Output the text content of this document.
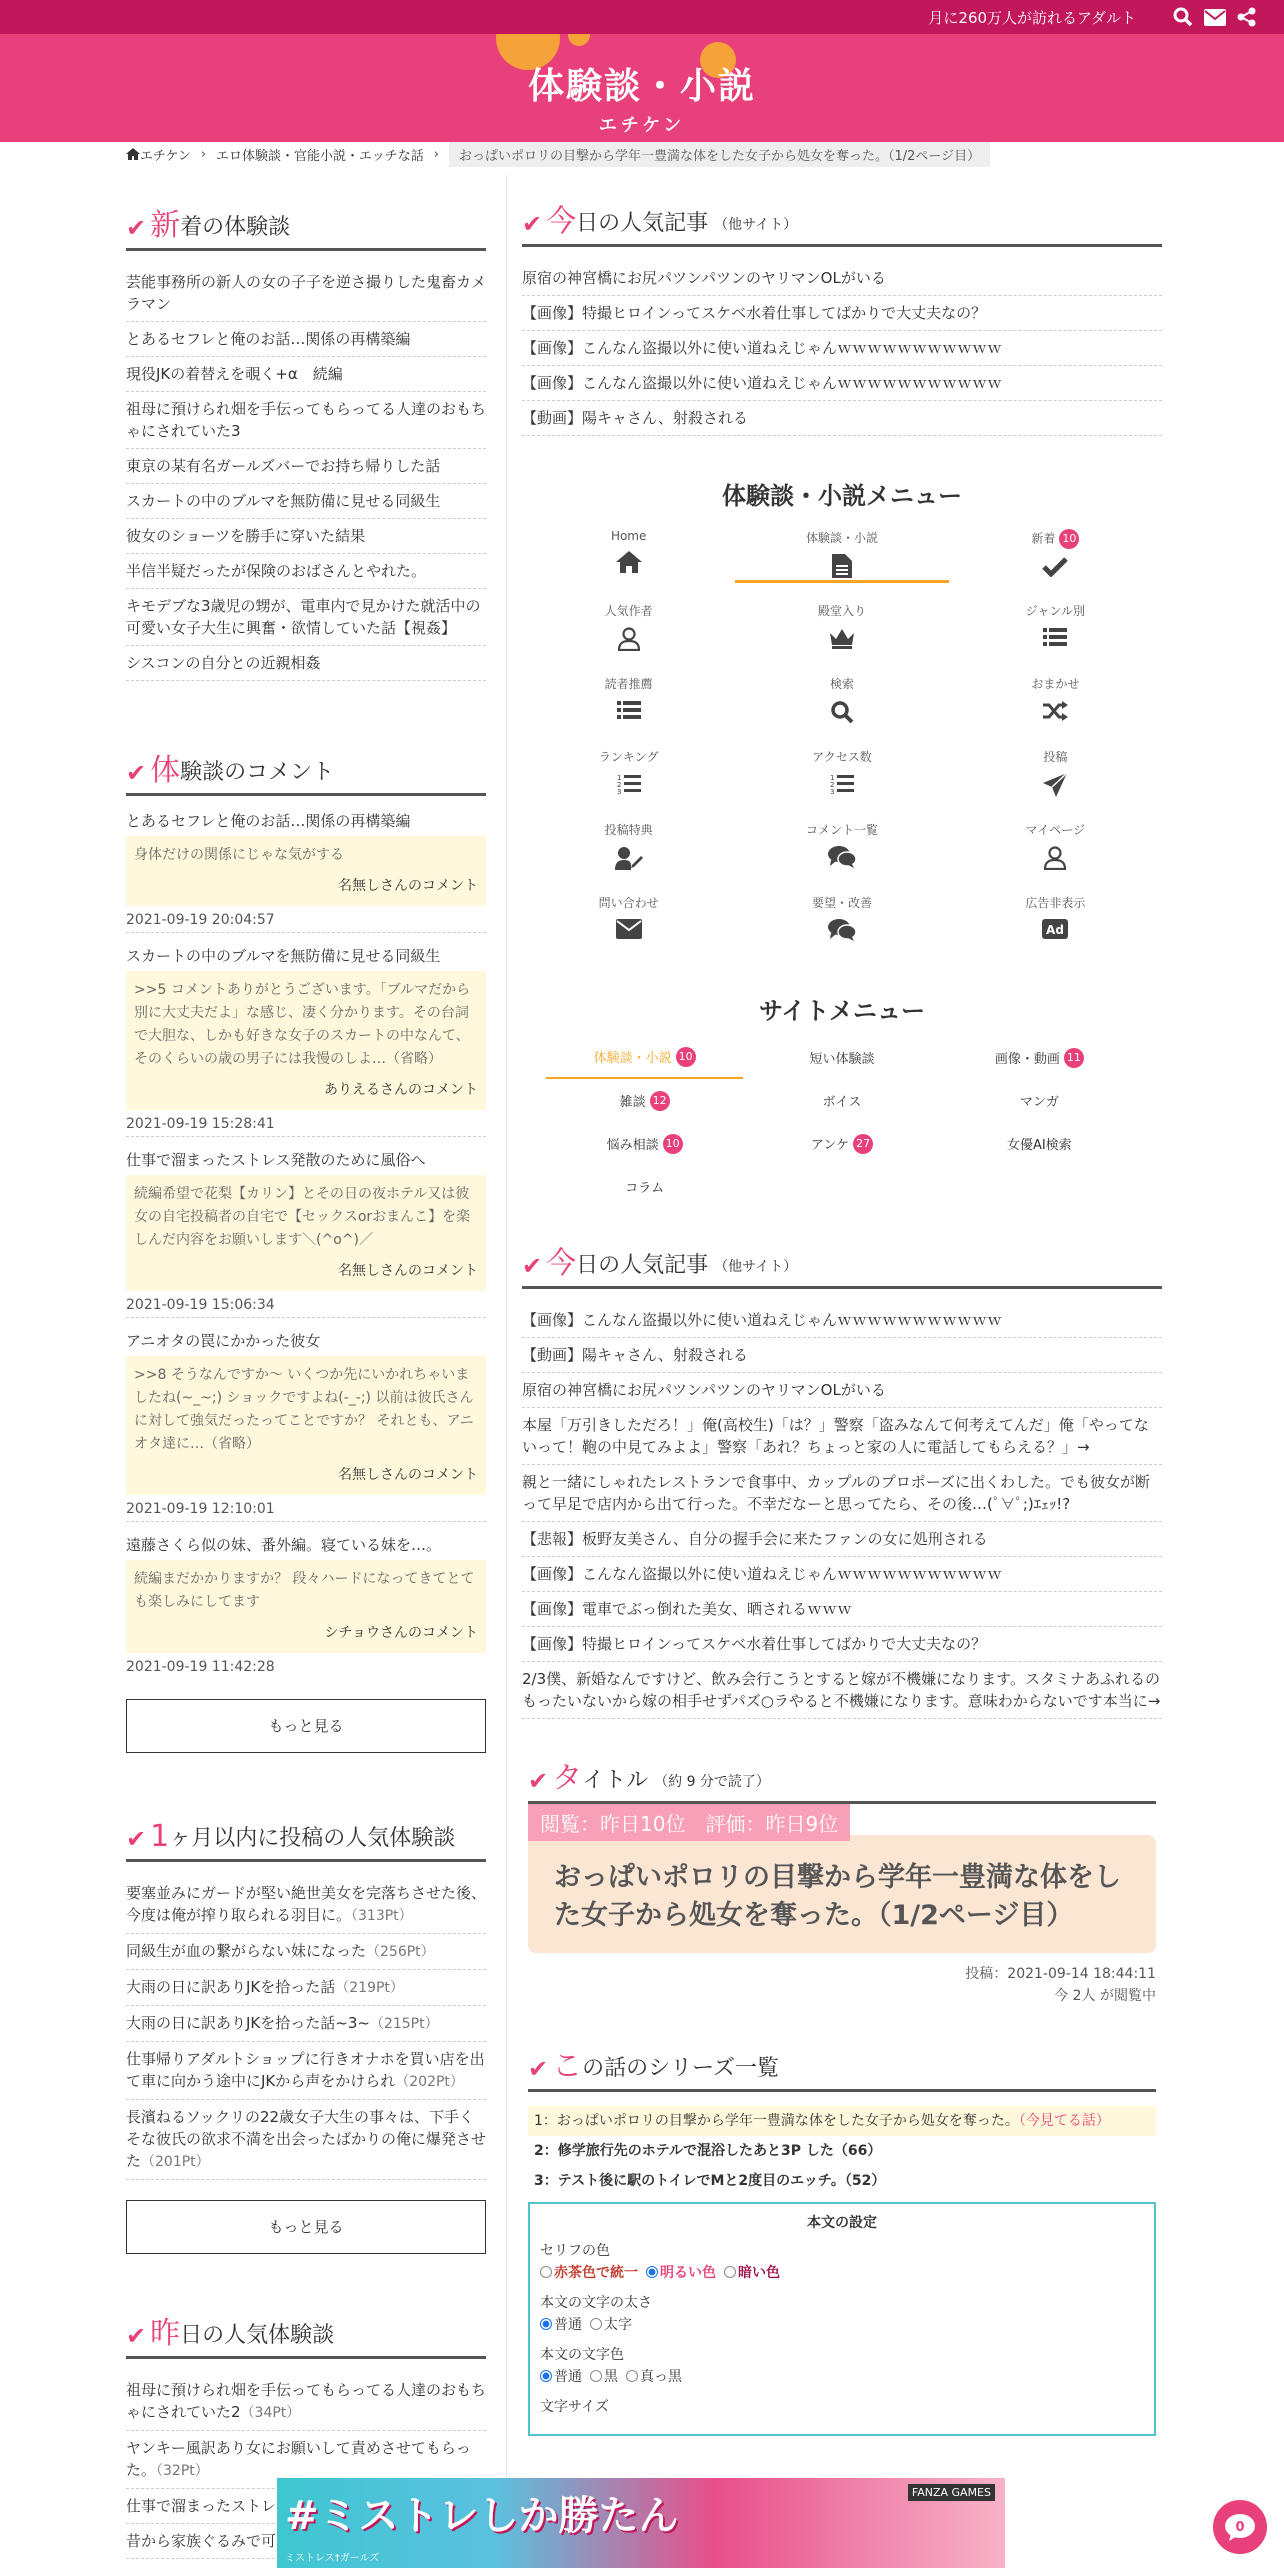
月に260万人が訪れるアダルト
体験談・小説
エチケン
エチケン › エロ体験談・官能小説・エッチな話 ›	おっぱいポロリの目撃から学年一豊満な体をした女子から処女を奪った。（1/2ページ目）
✔ 新 着の体験談
芸能事務所の新人の女の子子を逆さ撮りした鬼畜カメラマン
とあるセフレと俺のお話…関係の再構築編
現役JKの着替えを覗く+α　続編
祖母に預けられ畑を手伝ってもらってる人達のおもちゃにされていた3
東京の某有名ガールズバーでお持ち帰りした話
スカートの中のブルマを無防備に見せる同級生
彼女のショーツを勝手に穿いた結果
半信半疑だったが保険のおばさんとやれた。
キモデブな3歳児の甥が、電車内で見かけた就活中の可愛い女子大生に興奮・欲情していた話【視姦】
シスコンの自分との近親相姦
✔ 体 験談のコメント
とあるセフレと俺のお話…関係の再構築編
身体だけの関係にじゃな気がする
名無しさんのコメント
2021-09-19 20:04:57
スカートの中のブルマを無防備に見せる同級生
>>5 コメントありがとうございます。「ブルマだから別に大丈夫だよ」な感じ、凄く分かります。その台詞で大胆な、しかも好きな女子のスカートの中なんて、そのくらいの歳の男子には我慢のしよ…（省略）
ありえるさんのコメント
2021-09-19 15:28:41
仕事で溜まったストレス発散のために風俗へ
続編希望で花梨【カリン】とその日の夜ホテル又は彼女の自宅投稿者の自宅で【セックスorおまんこ】を楽しんだ内容をお願いします＼(^o^)／
名無しさんのコメント
2021-09-19 15:06:34
アニオタの罠にかかった彼女
>>8 そうなんですか〜 いくつか先にいかれちゃいましたね(~_~;) ショックですよね(-_-;) 以前は彼氏さんに対して強気だったってことですか？ それとも、アニオタ達に…（省略）
名無しさんのコメント
2021-09-19 12:10:01
遠藤さくら似の妹、番外編。寝ている妹を…。
続編まだかかりますか？ 段々ハードになってきてとても楽しみにしてます
シチョウさんのコメント
2021-09-19 11:42:28
もっと見る
✔ 1 ヶ月以内に投稿の人気体験談
要塞並みにガードが堅い絶世美女を完落ちさせた後、今度は俺が搾り取られる羽目に。（313Pt）
同級生が血の繋がらない妹になった（256Pt）
大雨の日に訳ありJKを拾った話（219Pt）
大雨の日に訳ありJKを拾った話~3~（215Pt）
仕事帰りアダルトショップに行きオナホを買い店を出て車に向かう途中にJKから声をかけられ（202Pt）
長濱ねるソックリの22歳女子大生の事々は、下手くそな彼氏の欲求不満を出会ったばかりの俺に爆発させた（201Pt）
もっと見る
✔ 昨 日の人気体験談
祖母に預けられ畑を手伝ってもらってる人達のおもちゃにされていた2（34Pt）
ヤンキー風訳あり女にお願いして責めさせてもらった。（32Pt）
仕事で溜まったストレ
昔から家族ぐるみで可
✔ 今 日の人気記事 （他サイト）
原宿の神宮橋にお尻パツンパツンのヤリマンOLがいる
【画像】特撮ヒロインってスケベ水着仕事してばかりで大丈夫なの？
【画像】こんなん盗撮以外に使い道ねえじゃんｗｗｗｗｗｗｗｗｗｗｗ
【画像】こんなん盗撮以外に使い道ねえじゃんｗｗｗｗｗｗｗｗｗｗｗ
【動画】陽キャさん、射殺される
体験談・小説メニュー
Home	体験談・小説	新着 10
人気作者	殿堂入り	ジャンル別
読者推薦	検索	おまかせ
ランキング
1
2
3
アクセス数
1
2
3
投稿
投稿特典	コメント一覧	マイページ
問い合わせ	要望・改善	広告非表示
Ad
サイトメニュー
体験談・小説 10	短い体験談	画像・動画 11
雑談 12	ボイス	マンガ
悩み相談 10	アンケ 27	女優AI検索
コラム
✔ 今 日の人気記事 （他サイト）
【画像】こんなん盗撮以外に使い道ねえじゃんｗｗｗｗｗｗｗｗｗｗｗ
【動画】陽キャさん、射殺される
原宿の神宮橋にお尻パツンパツンのヤリマンOLがいる
本屋「万引きしただろ！」俺(高校生)「は？」警察「盗みなんて何考えてんだ」俺「やってないって！鞄の中見てみよよ」警察「あれ？ちょっと家の人に電話してもらえる？」→
親と一緒にしゃれたレストランで食事中、カップルのプロポーズに出くわした。でも彼女が断って早足で店内から出て行った。不幸だなーと思ってたら、その後…(ﾟ∀ﾟ;)ｴｪｯ!?
【悲報】板野友美さん、自分の握手会に来たファンの女に処刑される
【画像】こんなん盗撮以外に使い道ねえじゃんｗｗｗｗｗｗｗｗｗｗｗ
【画像】電車でぶっ倒れた美女、晒されるｗｗｗ
【画像】特撮ヒロインってスケベ水着仕事してばかりで大丈夫なの？
2/3僕、新婚なんですけど、飲み会行こうとすると嫁が不機嫌になります。スタミナあふれるのもったいないから嫁の相手せずパズ○ラやると不機嫌になります。意味わからないです本当に→
✔ タ イトル （約 9 分で読了）
閲覧：昨日10位　評価：昨日9位
おっぱいポロリの目撃から学年一豊満な体をした女子から処女を奪った。（1/2ページ目）
投稿：2021-09-14 18:44:11
今 2人 が閲覧中
✔ こ の話のシリーズ一覧
1：おっぱいポロリの目撃から学年一豊満な体をした女子から処女を奪った。（今見てる話）
2：修学旅行先のホテルで混浴したあと3P した（66）
3：テスト後に駅のトイレでMと2度目のエッチ。（52）
本文の設定
セリフの色
赤茶色で統一	明るい色	暗い色
本文の文字の太さ
普通	太字
本文の文字色
普通	黒	真っ黒
文字サイズ
#ミストレしか勝たん
ミストレス†ガールズ
FANZA GAMES
0
